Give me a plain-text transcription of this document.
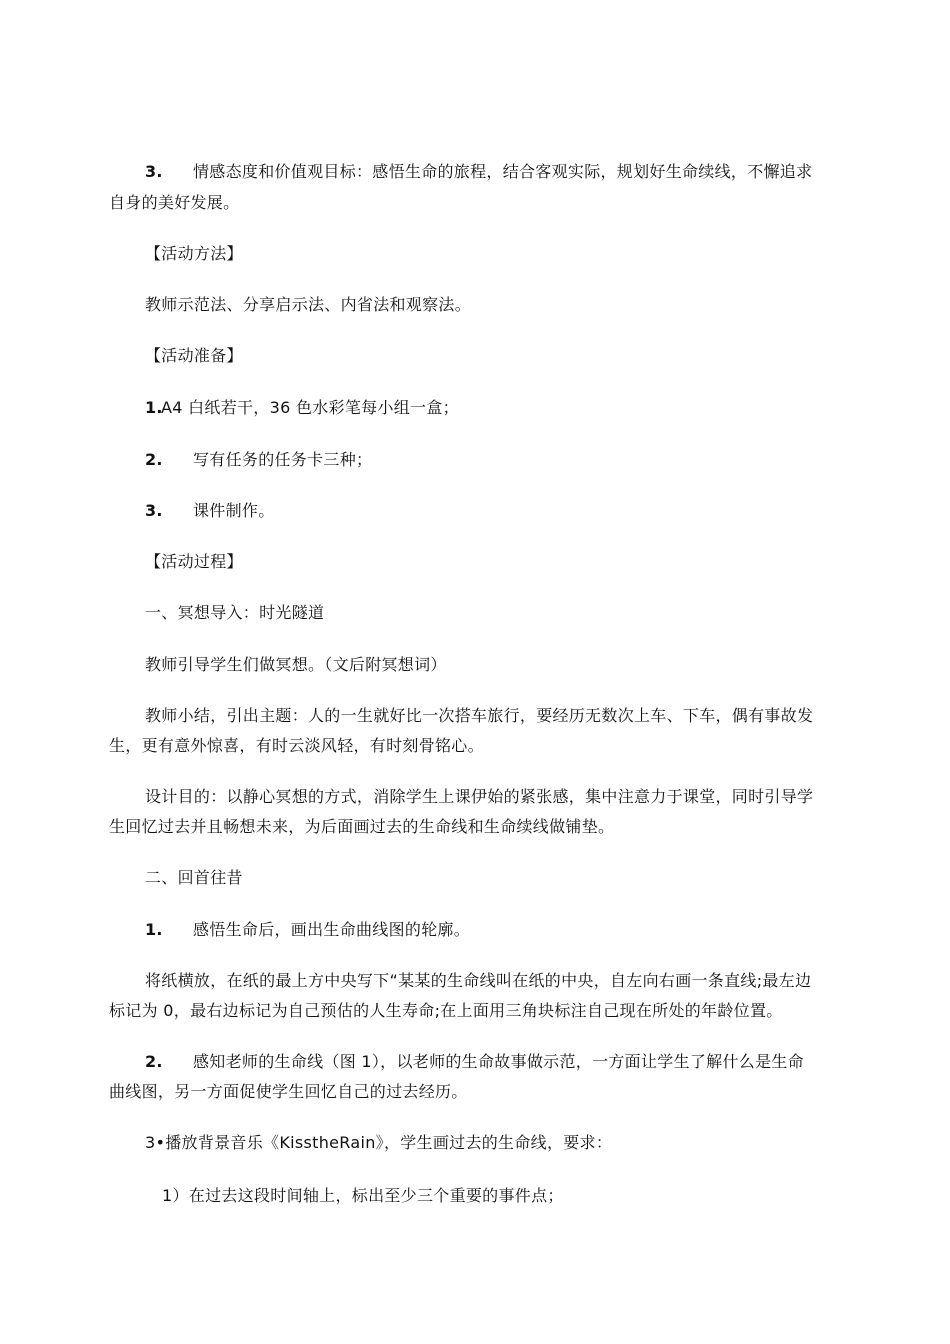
3. 情感态度和价值观目标：感悟生命的旅程，结合客观实际，规划好生命续线，不懈追求
自身的美好发展。
【活动方法】
教师示范法、分享启示法、内省法和观察法。
【活动准备】
1.A4 白纸若干，36 色水彩笔每小组一盒；
2. 写有任务的任务卡三种；
3. 课件制作。
【活动过程】
一、冥想导入：时光隧道
教师引导学生们做冥想。（文后附冥想词）
教师小结，引出主题：人的一生就好比一次搭车旅行，要经历无数次上车、下车，偶有事故发
生，更有意外惊喜，有时云淡风轻，有时刻骨铭心。
设计目的：以静心冥想的方式，消除学生上课伊始的紧张感，集中注意力于课堂，同时引导学
生回忆过去并且畅想未来，为后面画过去的生命线和生命续线做铺垫。
二、回首往昔
1. 感悟生命后，画出生命曲线图的轮廓。
将纸横放，在纸的最上方中央写下“某某的生命线叫在纸的中央，自左向右画一条直线;最左边
标记为 0，最右边标记为自己预估的人生寿命;在上面用三角块标注自己现在所处的年龄位置。
2. 感知老师的生命线（图 1），以老师的生命故事做示范，一方面让学生了解什么是生命
曲线图，另一方面促使学生回忆自己的过去经历。
3•播放背景音乐《KisstheRain》，学生画过去的生命线，要求：
1）在过去这段时间轴上，标出至少三个重要的事件点；
